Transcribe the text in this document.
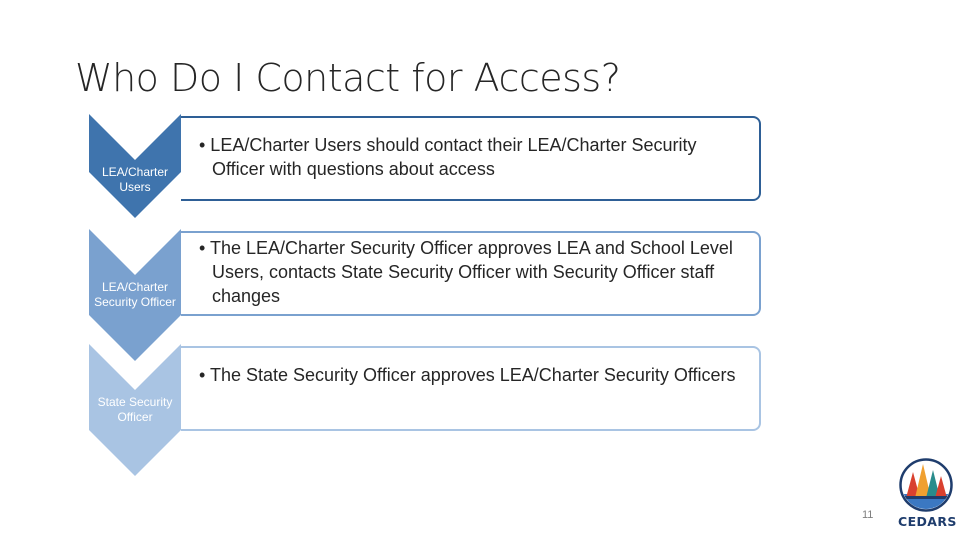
Who Do I Contact for Access?
LEA/Charter Users
• LEA/Charter Users should contact their LEA/Charter Security Officer with questions about access
LEA/Charter Security Officer
• The LEA/Charter Security Officer approves LEA and School Level Users, contacts State Security Officer with Security Officer staff changes
State Security Officer
• The State Security Officer approves LEA/Charter Security Officers
11 CEDARS
